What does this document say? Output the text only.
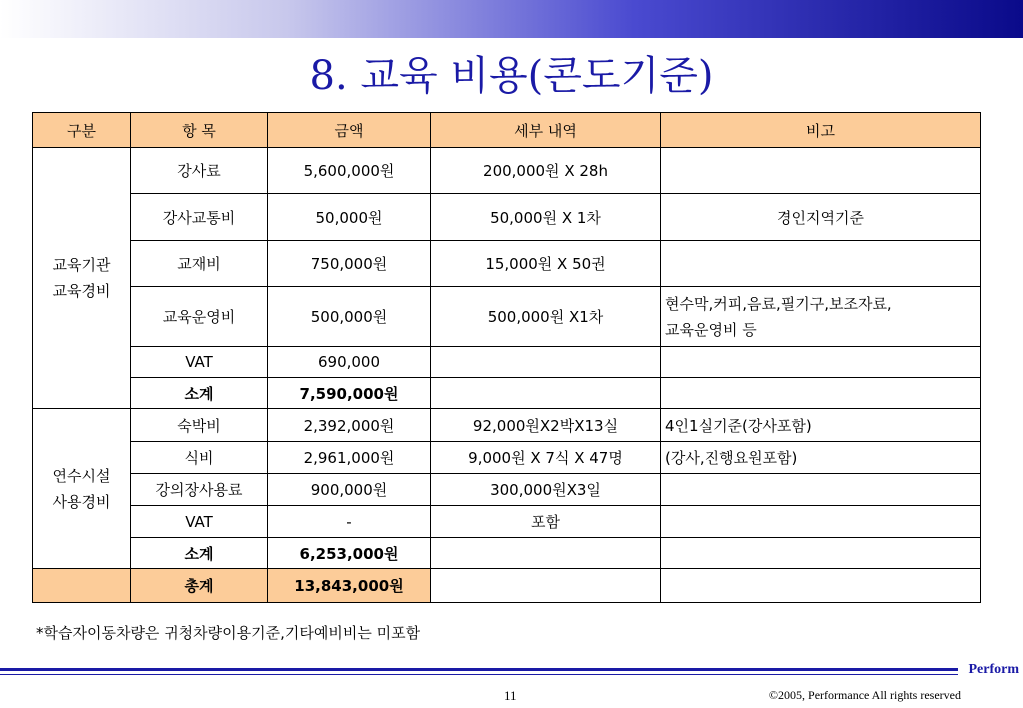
8. 교육 비용(콘도기준)
구분	항 목	금액	세부 내역	비고

교육기관
교육경비	강사료	5,600,000원	200,000원 X 28h	
	강사교통비	50,000원	50,000원 X 1차	경인지역기준
	교재비	750,000원	15,000원 X 50권	
	교육운영비	500,000원	500,000원 X1차	현수막,커피,음료,필기구,보조자료,
교육운영비 등

	VAT	690,000		
	소계	7,590,000원		

연수시설
사용경비	숙박비	2,392,000원	92,000원X2박X13실	4인1실기준(강사포함)
	식비	2,961,000원	9,000원 X 7식 X 47명	(강사,진행요원포함)
	강의장사용료	900,000원	300,000원X3일	
	VAT	-	포함	
	소계	6,253,000원		
	총계	13,843,000원		
*학습자이동차량은 귀청차량이용기준,기타예비비는 미포함
Perform
11	©2005, Performance All rights reserved
